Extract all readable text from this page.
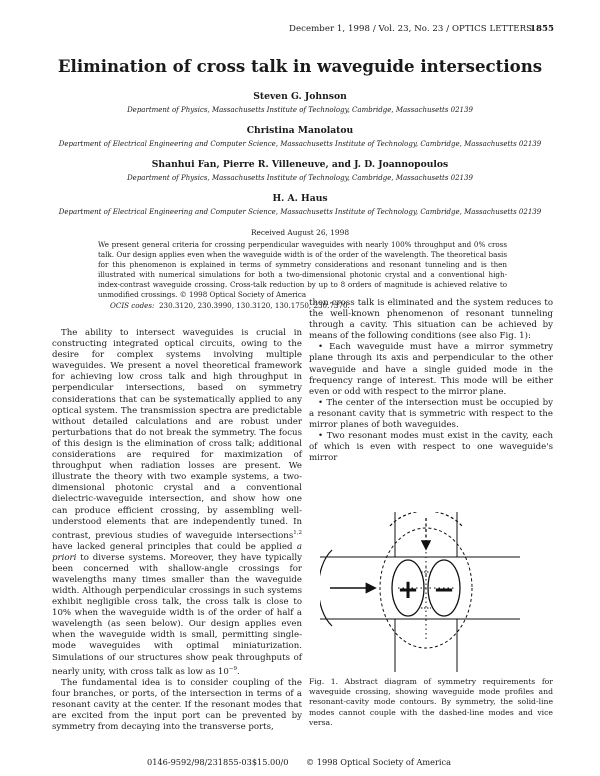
December 1, 1998 / Vol. 23, No. 23 / OPTICS LETTERS
1855
Elimination of cross talk in waveguide intersections
Steven G. Johnson
Department of Physics, Massachusetts Institute of Technology, Cambridge, Massachusetts 02139
Christina Manolatou
Department of Electrical Engineering and Computer Science, Massachusetts Institute of Technology, Cambridge, Massachusetts 02139
Shanhui Fan, Pierre R. Villeneuve, and J. D. Joannopoulos
Department of Physics, Massachusetts Institute of Technology, Cambridge, Massachusetts 02139
H. A. Haus
Department of Electrical Engineering and Computer Science, Massachusetts Institute of Technology, Cambridge, Massachusetts 02139
Received August 26, 1998

We present general criteria for crossing perpendicular waveguides with nearly 100% throughput and 0% cross talk. Our design applies even when the waveguide width is of the order of the wavelength. The theoretical basis for this phenomenon is explained in terms of symmetry considerations and resonant tunneling and is then illustrated with numerical simulations for both a two-dimensional photonic crystal and a conventional high-index-contrast waveguide crossing. Cross-talk reduction by up to 8 orders of magnitude is achieved relative to unmodified crossings. © 1998 Optical Society of America

OCIS codes: 230.3120, 230.3990, 130.3120, 130.1750, 230.7370.

The ability to intersect waveguides is crucial in constructing integrated optical circuits, owing to the desire for complex systems involving multiple waveguides. We present a novel theoretical framework for achieving low cross talk and high throughput in perpendicular intersections, based on symmetry considerations that can be systematically applied to any optical system. The transmission spectra are predictable without detailed calculations and are robust under perturbations that do not break the symmetry. The focus of this design is the elimination of cross talk; additional considerations are required for maximization of throughput when radiation losses are present. We illustrate the theory with two example systems, a two-dimensional photonic crystal and a conventional dielectric-waveguide intersection, and show how one can produce efficient crossing, by assembling well-understood elements that are independently tuned. In contrast, previous studies of waveguide intersections$^{1,2}$ have lacked general principles that could be applied a priori to diverse systems. Moreover, they have typically been concerned with shallow-angle crossings for wavelengths many times smaller than the waveguide width. Although perpendicular crossings in such systems exhibit negligible cross talk, the cross talk is close to 10% when the waveguide width is of the order of half a wavelength (as seen below). Our design applies even when the waveguide width is small, permitting single-mode waveguides with optimal miniaturization. Simulations of our structures show peak throughputs of nearly unity, with cross talk as low as $10^{-9}$.

The fundamental idea is to consider coupling of the four branches, or ports, of the intersection in terms of a resonant cavity at the center. If the resonant modes that are excited from the input port can be prevented by symmetry from decaying into the transverse ports,

then cross talk is eliminated and the system reduces to the well-known phenomenon of resonant tunneling through a cavity. This situation can be achieved by means of the following conditions (see also Fig. 1):

• Each waveguide must have a mirror symmetry plane through its axis and perpendicular to the other waveguide and have a single guided mode in the frequency range of interest. This mode will be either even or odd with respect to the mirror plane.

• The center of the intersection must be occupied by a resonant cavity that is symmetric with respect to the mirror planes of both waveguides.

• Two resonant modes must exist in the cavity, each of which is even with respect to one waveguide's mirror

+ −
Fig. 1. Abstract diagram of symmetry requirements for waveguide crossing, showing waveguide mode profiles and resonant-cavity mode contours. By symmetry, the solid-line modes cannot couple with the dashed-line modes and vice versa.
0146-9592/98/231855-03$15.00/0 © 1998 Optical Society of America
